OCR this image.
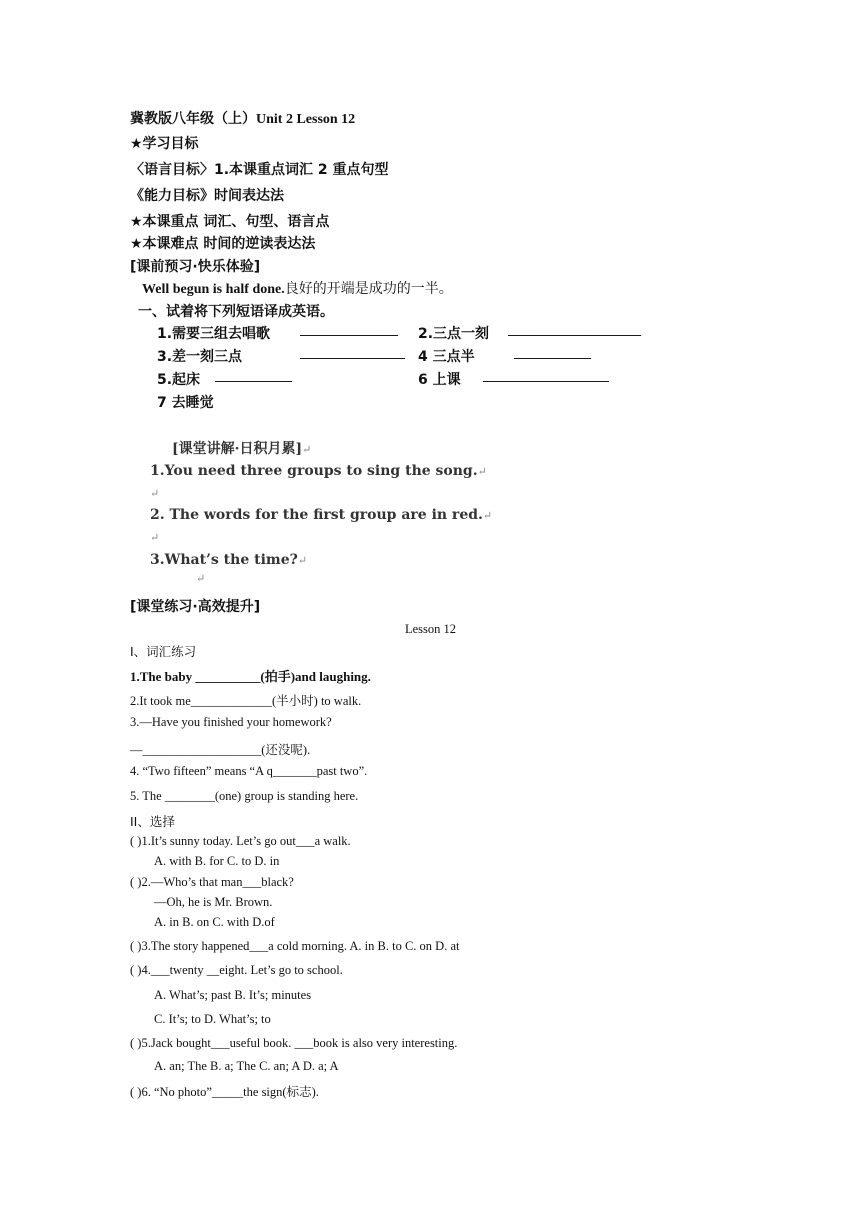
冀教版八年级（上）Unit 2 Lesson 12
★学习目标
〈语言目标〉1.本课重点词汇 2 重点句型
《能力目标》时间表达法
★本课重点 词汇、句型、语言点
★本课难点 时间的逆读表达法
[课前预习·快乐体验]
Well begun is half done.良好的开端是成功的一半。
一、试着将下列短语译成英语。
1.需要三组去唱歌 ______________ 2.三点一刻 ___________________
3.差一刻三点	_______________ 4 三点半	___________
5.起床 ___________	6 上课 __________________
7 去睡觉
[课堂讲解·日积月累]↵
1.You need three groups to sing the song.↵
↵
2. The words for the first group are in red.↵
↵
3.What’s the time?↵
↵
[课堂练习·高效提升]
Lesson 12
I、词汇练习
1.The baby __________(拍手)and laughing.
2.It took me_____________(半小时) to walk.
3.—Have you finished your homework?
—___________________(还没呢).
4. “Two fifteen” means “A q_______past two”.
5. The ________(one) group is standing here.
II、选择
( )1.It’s sunny today. Let’s go out___a walk.
A. with B. for C. to D. in
( )2.—Who’s that man___black?
—Oh, he is Mr. Brown.
A. in B. on C. with D.of
( )3.The story happened___a cold morning. A. in B. to C. on D. at
( )4.___twenty __eight. Let’s go to school.
A. What’s; past B. It’s; minutes
C. It’s; to D. What’s; to
( )5.Jack bought___useful book. ___book is also very interesting.
A. an; The B. a; The C. an; A D. a; A
( )6. “No photo”_____the sign(标志).
